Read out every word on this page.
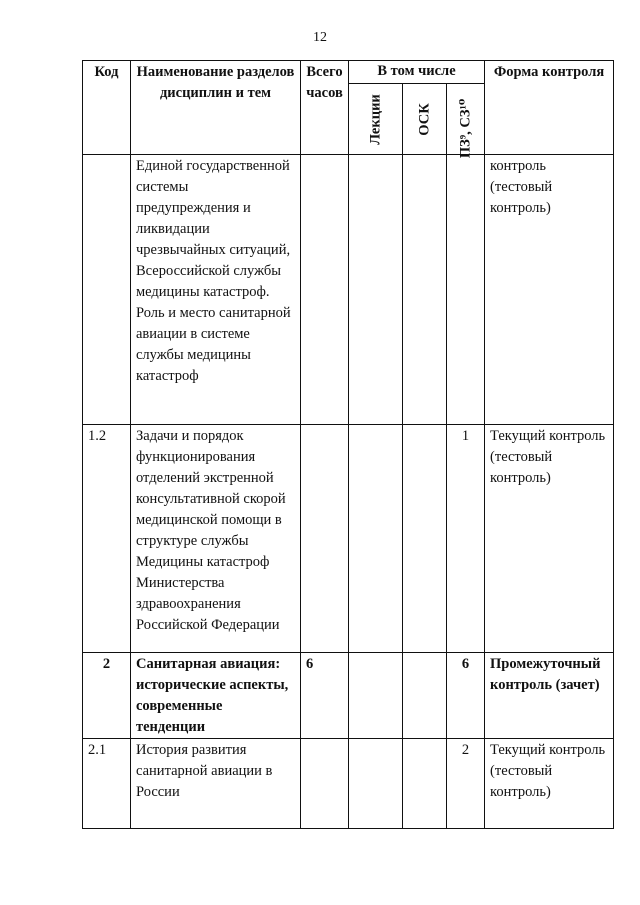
12
Код	Наименование разделов дисциплин и тем	Всего часов	В том числе			Форма контроля

			Лекции	ОСК	ПЗ⁹, СЗ¹⁰	

	Единой государственной системы предупреждения и ликвидации чрезвычайных ситуаций, Всероссийской службы медицины катастроф. Роль и место санитарной авиации в системе службы медицины катастроф					контроль (тестовый контроль)
1.2	Задачи и порядок функционирования отделений экстренной консультативной скорой медицинской помощи в структуре службы Медицины катастроф Министерства здравоохранения Российской Федерации				1	Текущий контроль (тестовый контроль)
2	Санитарная авиация: исторические аспекты, современные тенденции	6			6	Промежуточный контроль (зачет)
2.1	История развития санитарной авиации в России				2	Текущий контроль (тестовый контроль)
